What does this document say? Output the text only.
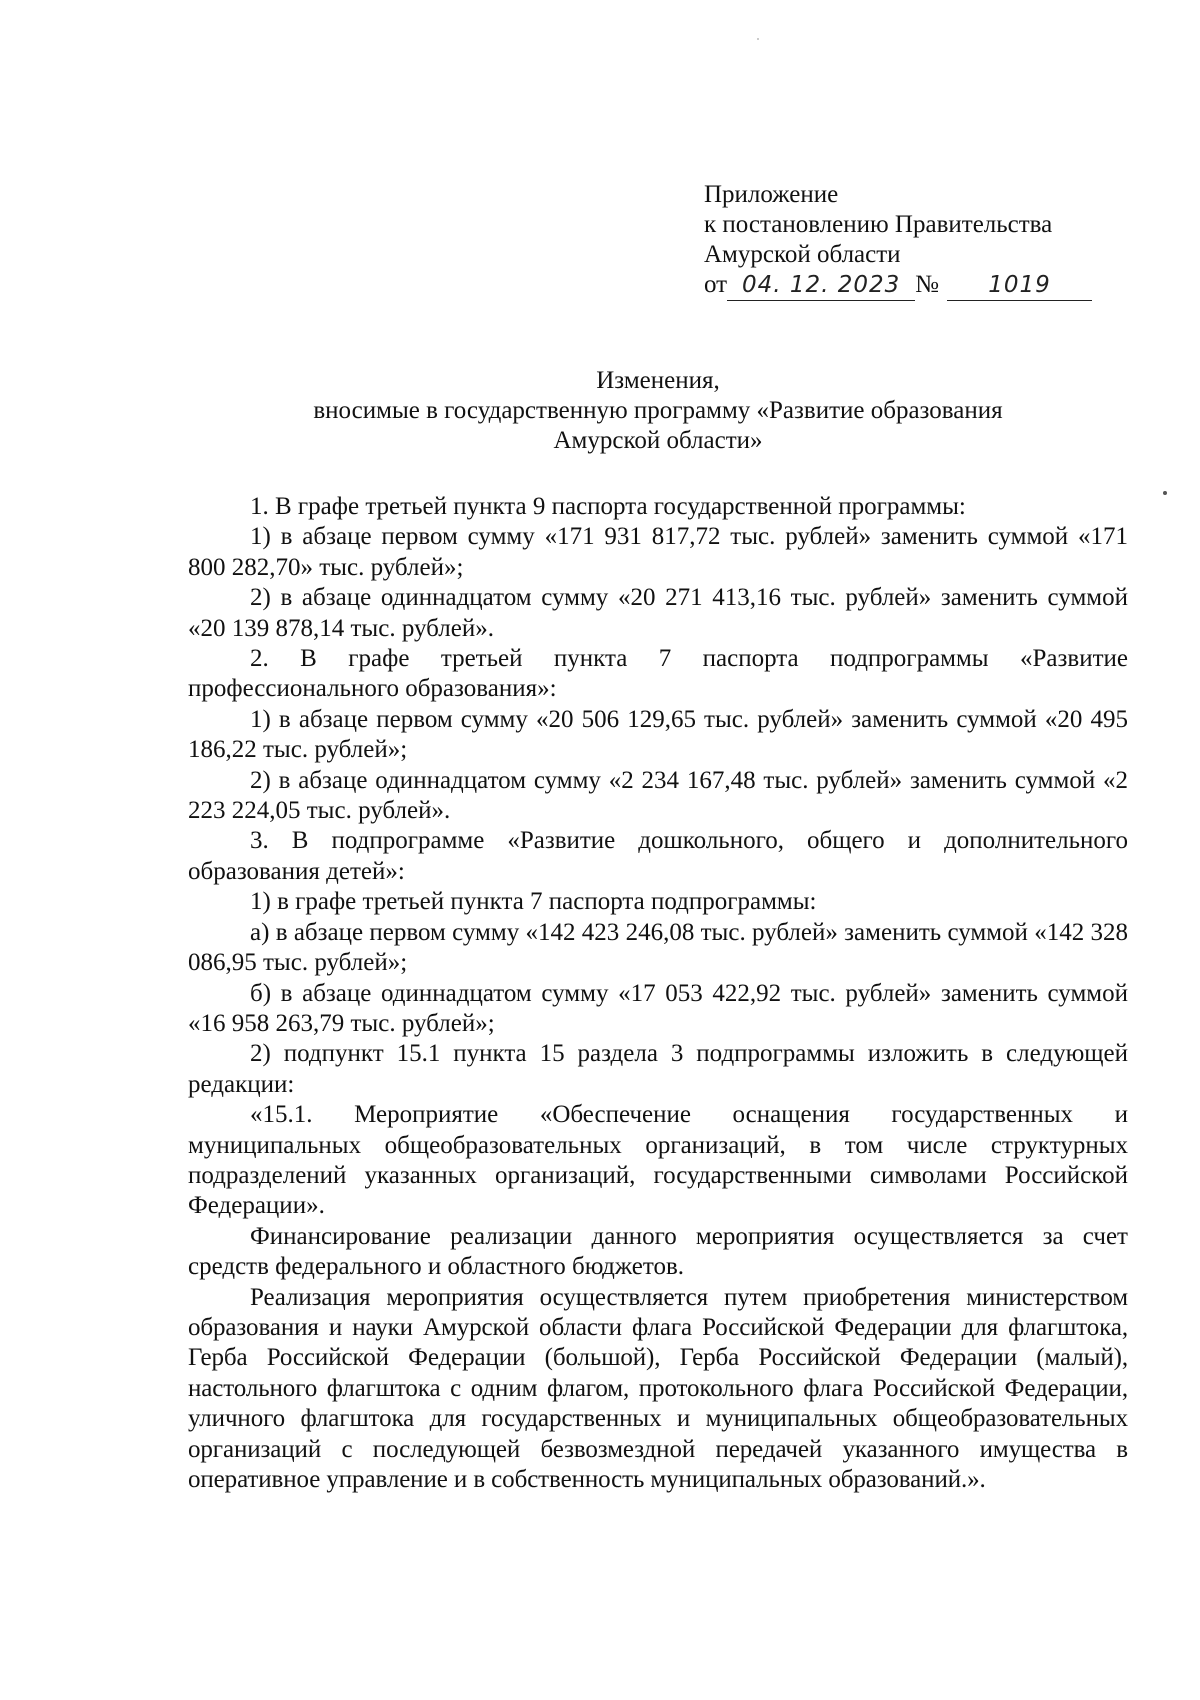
Приложение
к постановлению Правительства
Амурской области
от 04. 12. 2023 № 1019
Изменения,
вносимые в государственную программу «Развитие образования
Амурской области»

1. В графе третьей пункта 9 паспорта государственной программы:

1) в абзаце первом сумму «171 931 817,72 тыс. рублей» заменить суммой «171 800 282,70» тыс. рублей»;

2) в абзаце одиннадцатом сумму «20 271 413,16 тыс. рублей» заменить суммой «20 139 878,14 тыс. рублей».

2. В графе третьей пункта 7 паспорта подпрограммы «Развитие профессионального образования»:

1) в абзаце первом сумму «20 506 129,65 тыс. рублей» заменить суммой «20 495 186,22 тыс. рублей»;

2) в абзаце одиннадцатом сумму «2 234 167,48 тыс. рублей» заменить суммой «2 223 224,05 тыс. рублей».

3. В подпрограмме «Развитие дошкольного, общего и дополнительного образования детей»:

1) в графе третьей пункта 7 паспорта подпрограммы:

а) в абзаце первом сумму «142 423 246,08 тыс. рублей» заменить суммой «142 328 086,95 тыс. рублей»;

б) в абзаце одиннадцатом сумму «17 053 422,92 тыс. рублей» заменить суммой «16 958 263,79 тыс. рублей»;

2) подпункт 15.1 пункта 15 раздела 3 подпрограммы изложить в следующей редакции:

«15.1. Мероприятие «Обеспечение оснащения государственных и муниципальных общеобразовательных организаций, в том числе структурных подразделений указанных организаций, государственными символами Российской Федерации».

Финансирование реализации данного мероприятия осуществляется за счет средств федерального и областного бюджетов.

Реализация мероприятия осуществляется путем приобретения министерством образования и науки Амурской области флага Российской Федерации для флагштока, Герба Российской Федерации (большой), Герба Российской Федерации (малый), настольного флагштока с одним флагом, протокольного флага Российской Федерации, уличного флагштока для государственных и муниципальных общеобразовательных организаций с последующей безвозмездной передачей указанного имущества в оперативное управление и в собственность муниципальных образований.».
